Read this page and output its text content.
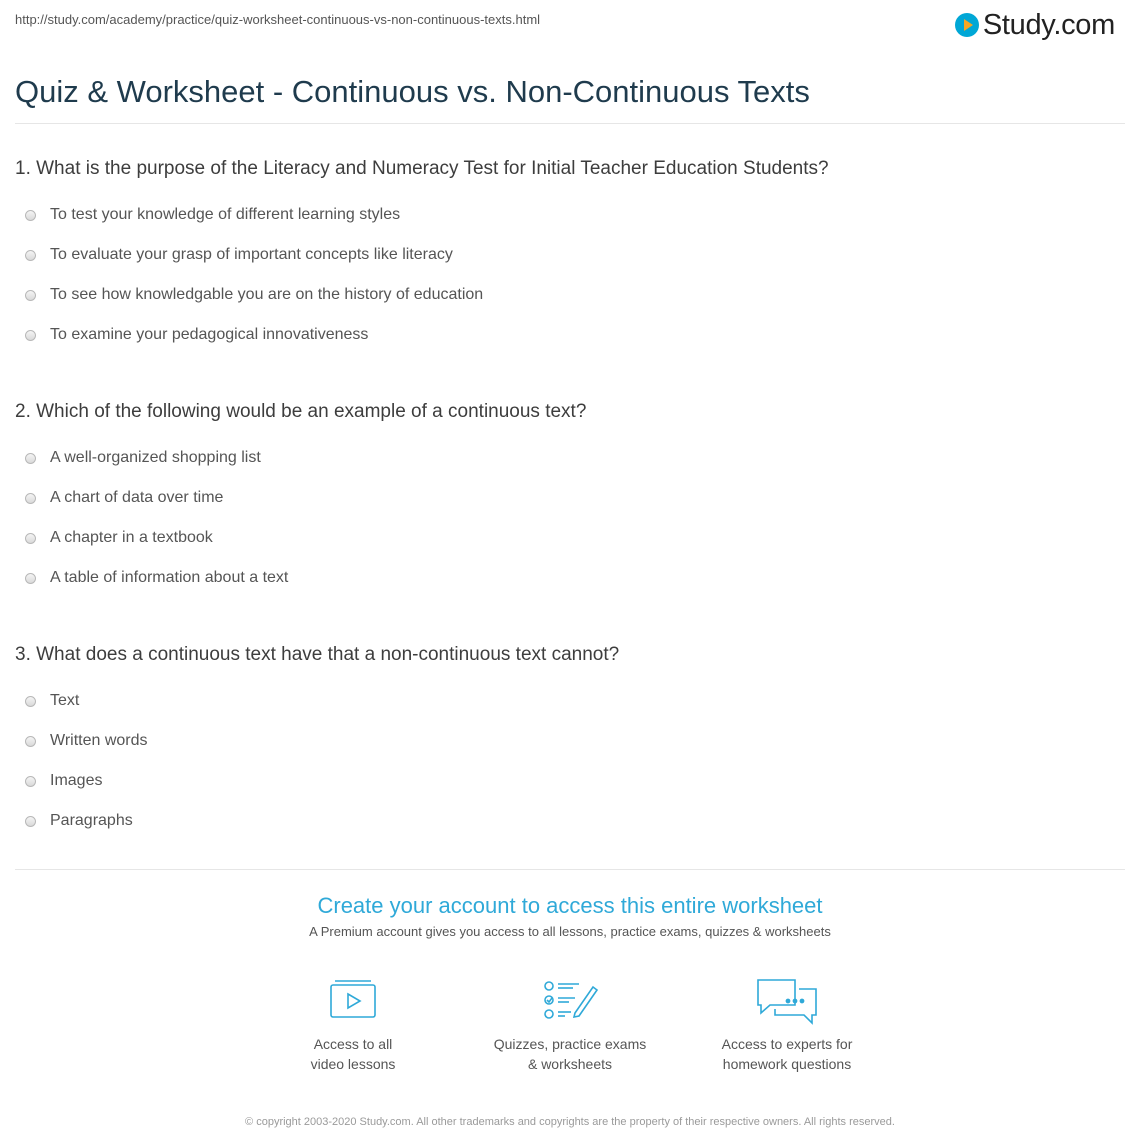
http://study.com/academy/practice/quiz-worksheet-continuous-vs-non-continuous-texts.html	Study.com
Quiz & Worksheet - Continuous vs. Non-Continuous Texts

1. What is the purpose of the Literacy and Numeracy Test for Initial Teacher Education Students?

To test your knowledge of different learning styles
To evaluate your grasp of important concepts like literacy
To see how knowledgable you are on the history of education
To examine your pedagogical innovativeness

2. Which of the following would be an example of a continuous text?

A well-organized shopping list
A chart of data over time
A chapter in a textbook
A table of information about a text

3. What does a continuous text have that a non-continuous text cannot?

Text
Written words
Images
Paragraphs
Create your account to access this entire worksheet
A Premium account gives you access to all lessons, practice exams, quizzes & worksheets
Access to all
video lessons
Quizzes, practice exams
& worksheets
Access to experts for
homework questions
© copyright 2003-2020 Study.com. All other trademarks and copyrights are the property of their respective owners. All rights reserved.
